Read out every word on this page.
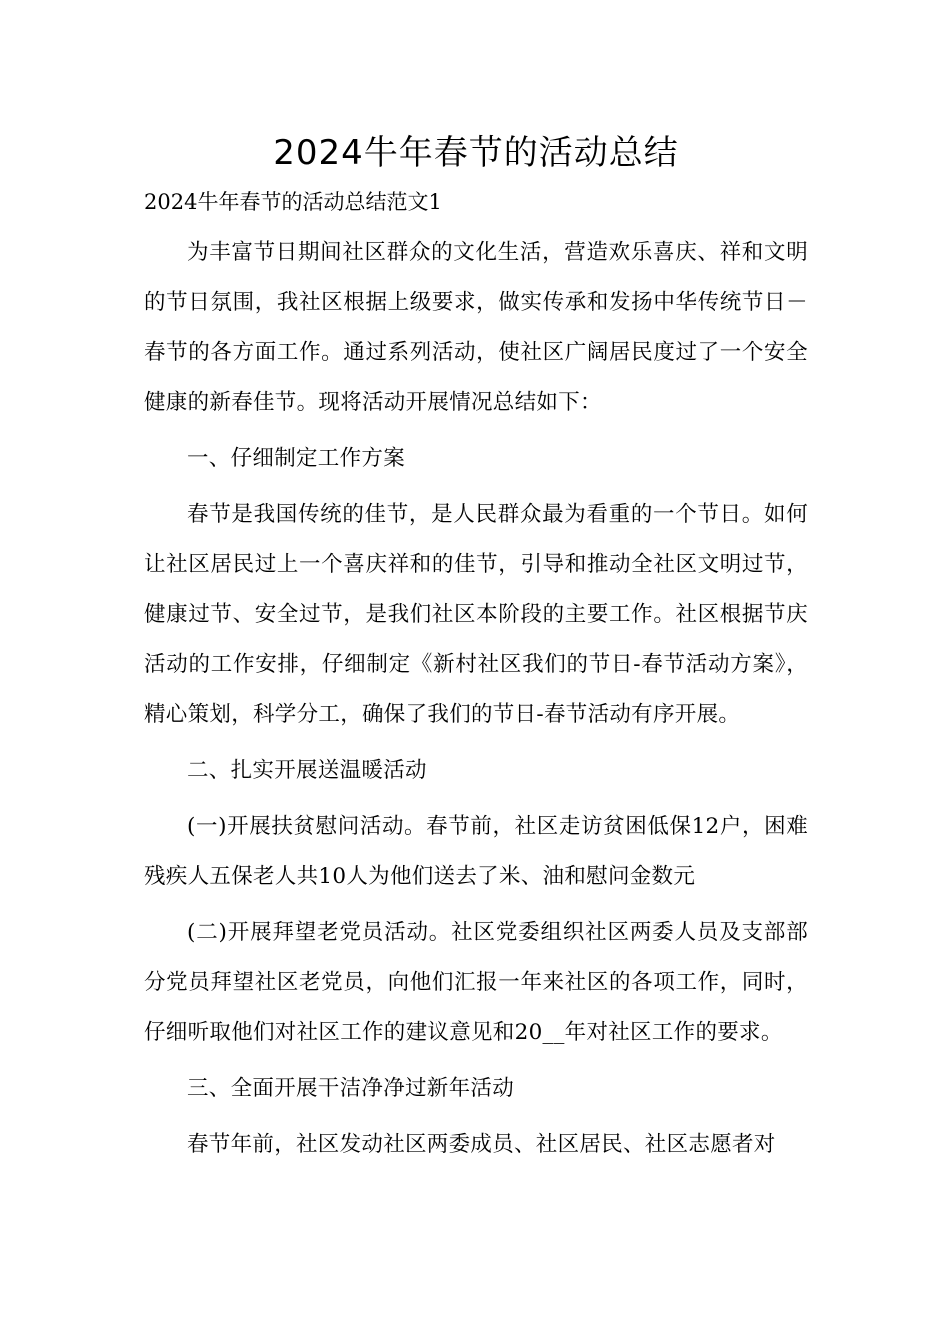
2024牛年春节的活动总结

2024牛年春节的活动总结范文1

为丰富节日期间社区群众的文化生活，营造欢乐喜庆、祥和文明的节日氛围，我社区根据上级要求，做实传承和发扬中华传统节日－春节的各方面工作。通过系列活动，使社区广阔居民度过了一个安全健康的新春佳节。现将活动开展情况总结如下：

一、仔细制定工作方案

春节是我国传统的佳节，是人民群众最为看重的一个节日。如何让社区居民过上一个喜庆祥和的佳节，引导和推动全社区文明过节，健康过节、安全过节，是我们社区本阶段的主要工作。社区根据节庆活动的工作安排，仔细制定《新村社区我们的节日-春节活动方案》，精心策划，科学分工，确保了我们的节日-春节活动有序开展。

二、扎实开展送温暖活动

(一)开展扶贫慰问活动。春节前，社区走访贫困低保12户，困难残疾人五保老人共10人为他们送去了米、油和慰问金数元

(二)开展拜望老党员活动。社区党委组织社区两委人员及支部部分党员拜望社区老党员，向他们汇报一年来社区的各项工作，同时，仔细听取他们对社区工作的建议意见和20__年对社区工作的要求。

三、全面开展干洁净净过新年活动

春节年前，社区发动社区两委成员、社区居民、社区志愿者对
